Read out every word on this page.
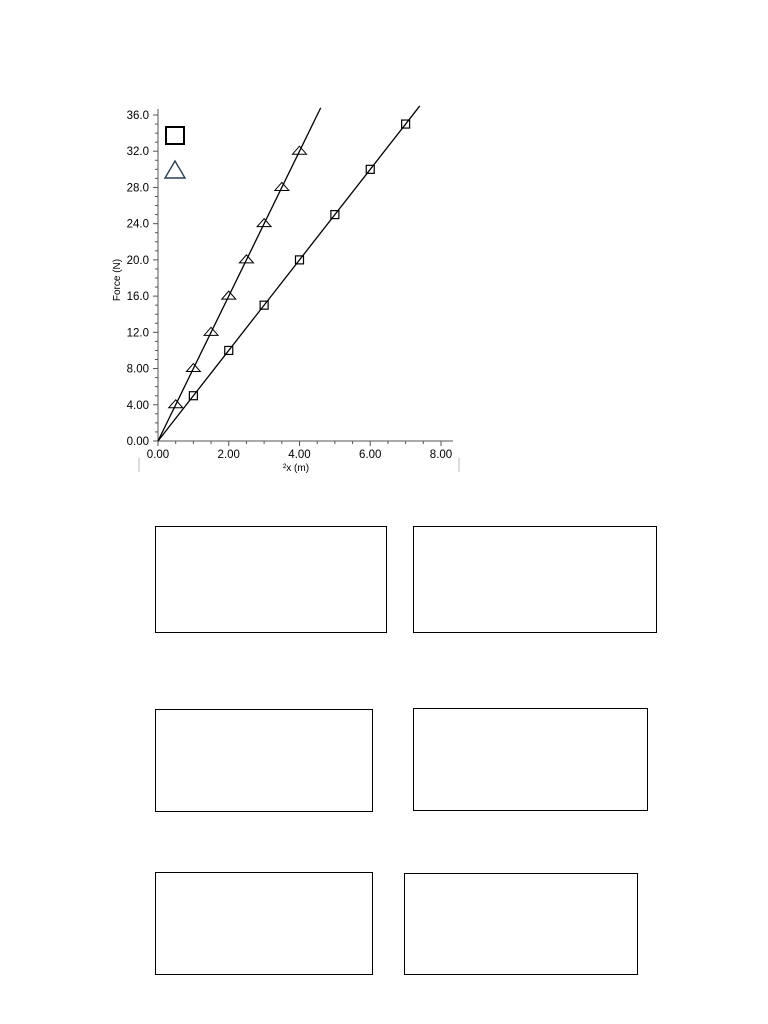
0.00
4.00
8.00
12.0
16.0
20.0
24.0
28.0
32.0
36.0
0.00	2.00	4.00	6.00	8.00
Force (N)
²x (m)
